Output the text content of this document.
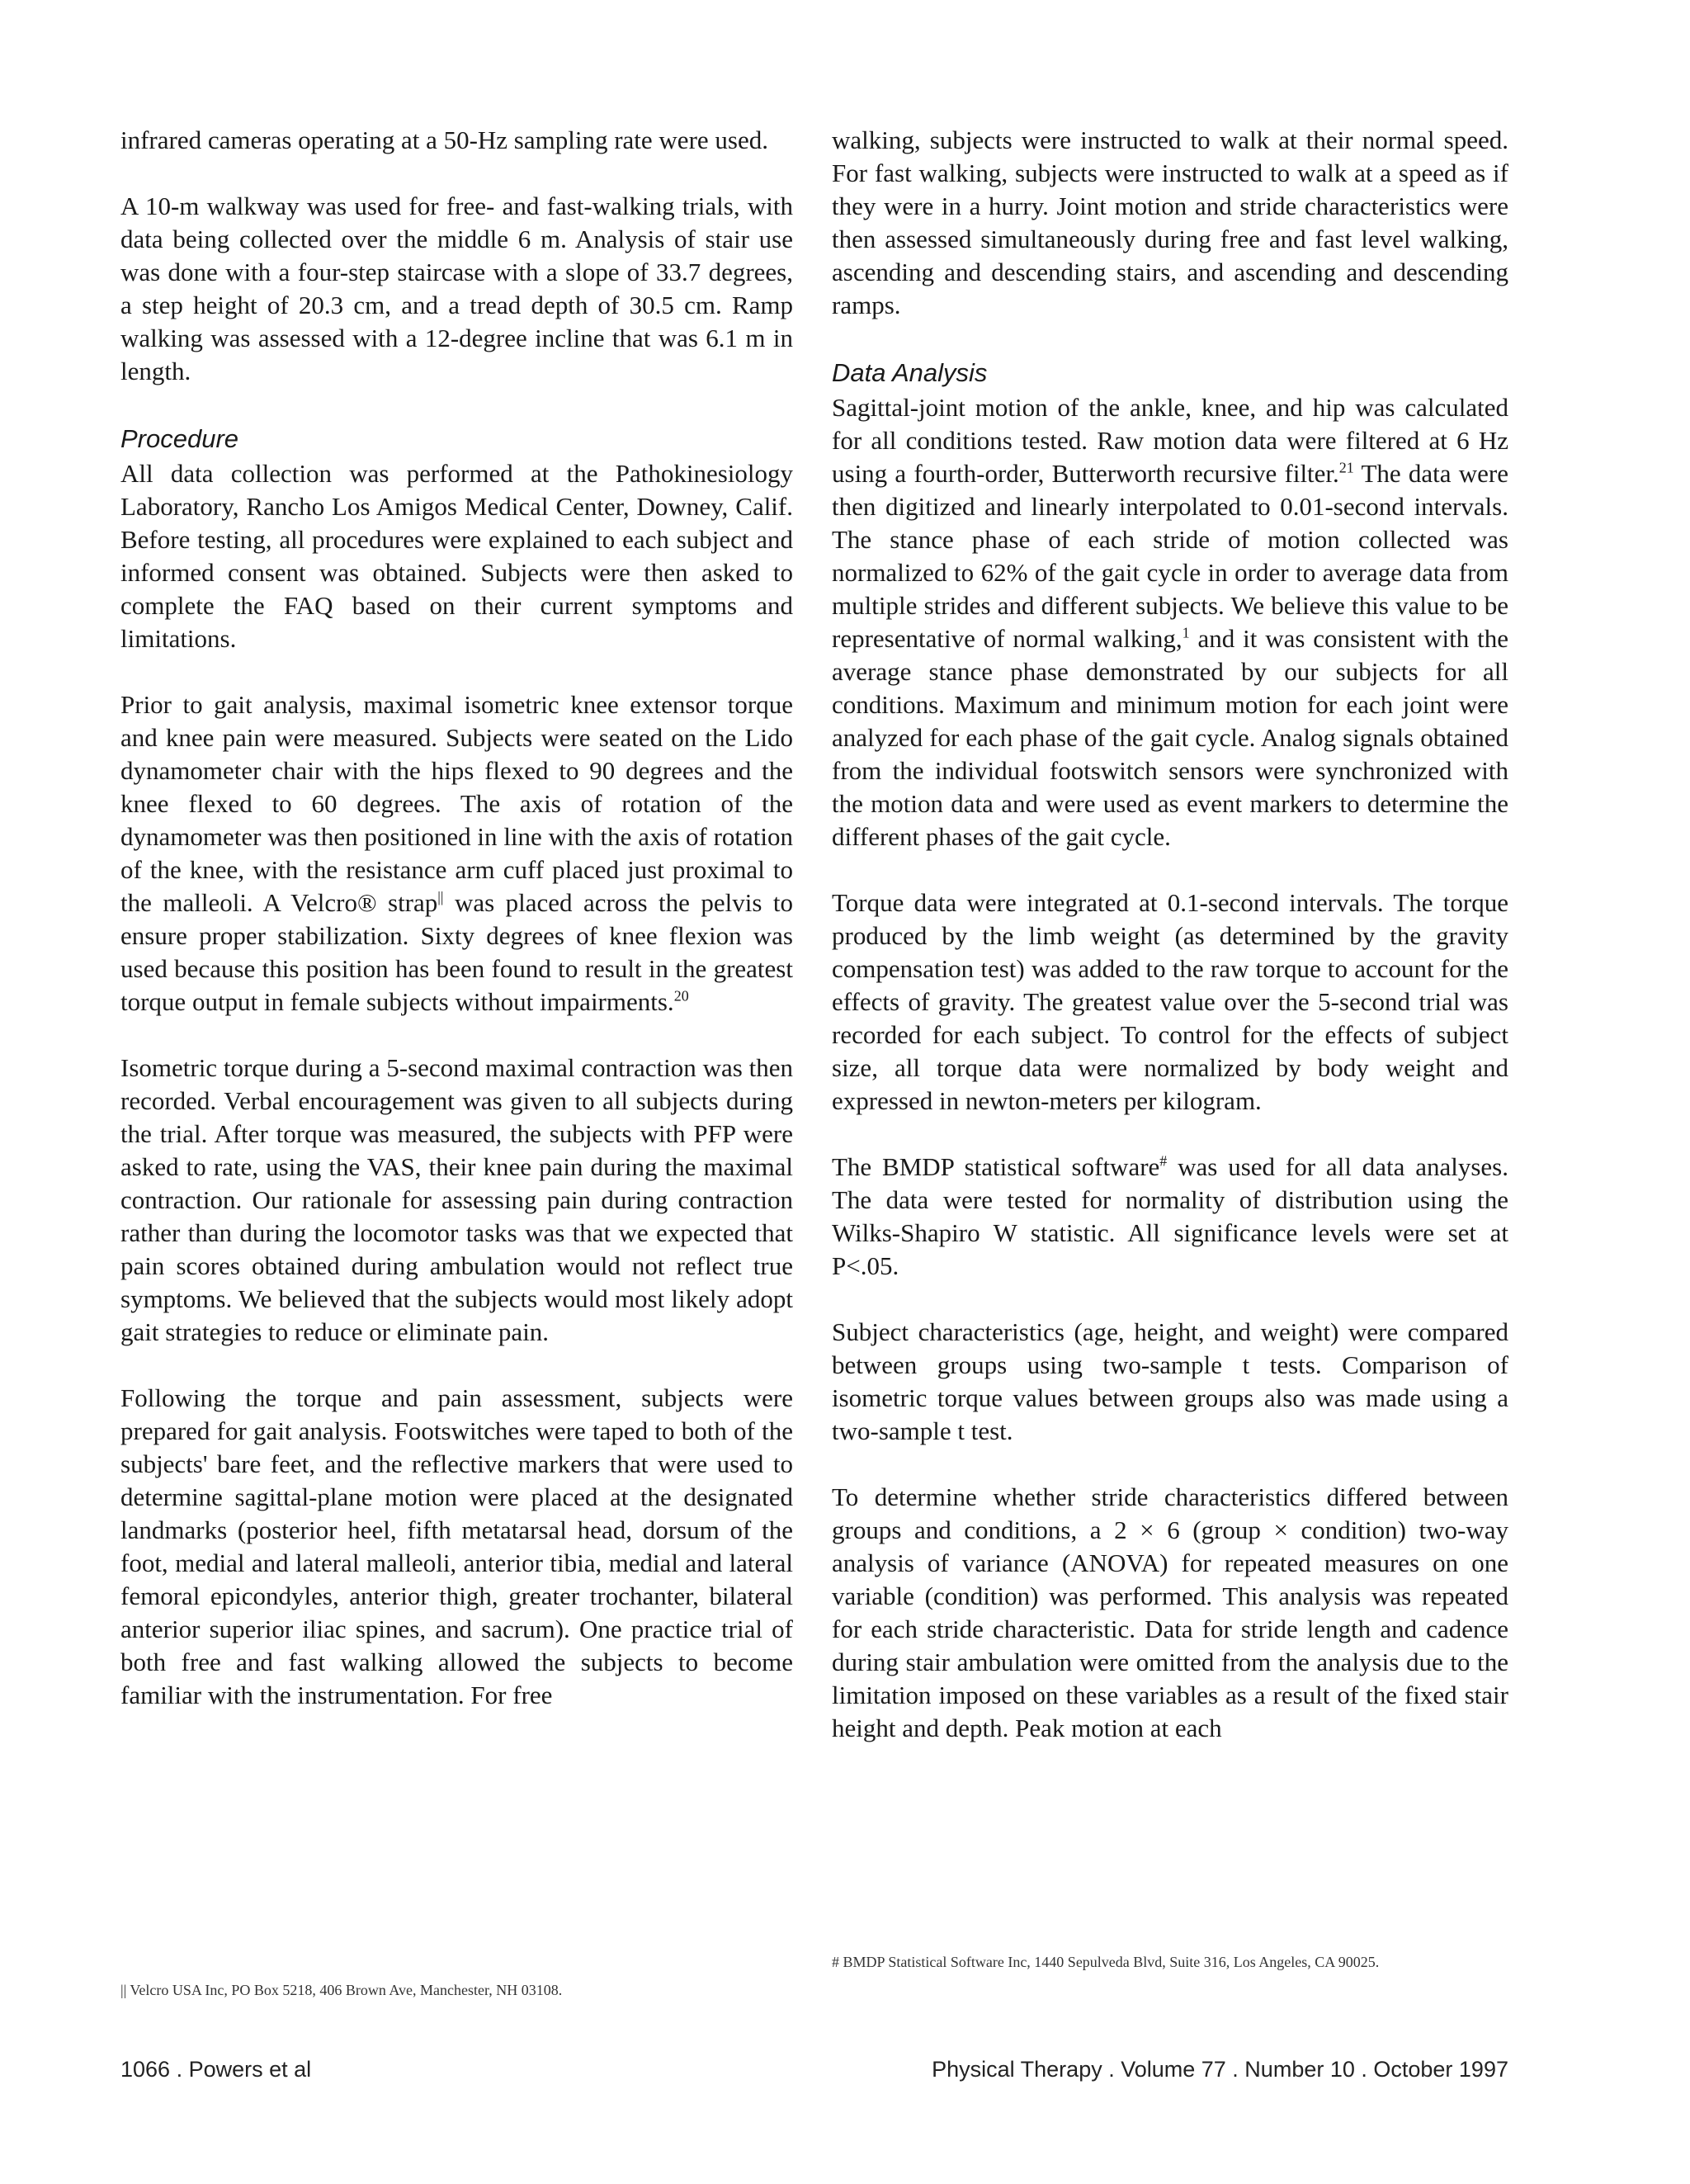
infrared cameras operating at a 50-Hz sampling rate were used.

A 10-m walkway was used for free- and fast-walking trials, with data being collected over the middle 6 m. Analysis of stair use was done with a four-step staircase with a slope of 33.7 degrees, a step height of 20.3 cm, and a tread depth of 30.5 cm. Ramp walking was assessed with a 12-degree incline that was 6.1 m in length.

Procedure

All data collection was performed at the Pathokinesiology Laboratory, Rancho Los Amigos Medical Center, Downey, Calif. Before testing, all procedures were explained to each subject and informed consent was obtained. Subjects were then asked to complete the FAQ based on their current symptoms and limitations.

Prior to gait analysis, maximal isometric knee extensor torque and knee pain were measured. Subjects were seated on the Lido dynamometer chair with the hips flexed to 90 degrees and the knee flexed to 60 degrees. The axis of rotation of the dynamometer was then positioned in line with the axis of rotation of the knee, with the resistance arm cuff placed just proximal to the malleoli. A Velcro® strap|| was placed across the pelvis to ensure proper stabilization. Sixty degrees of knee flexion was used because this position has been found to result in the greatest torque output in female subjects without impairments.$^{20}$

Isometric torque during a 5-second maximal contraction was then recorded. Verbal encouragement was given to all subjects during the trial. After torque was measured, the subjects with PFP were asked to rate, using the VAS, their knee pain during the maximal contraction. Our rationale for assessing pain during contraction rather than during the locomotor tasks was that we expected that pain scores obtained during ambulation would not reflect true symptoms. We believed that the subjects would most likely adopt gait strategies to reduce or eliminate pain.

Following the torque and pain assessment, subjects were prepared for gait analysis. Footswitches were taped to both of the subjects' bare feet, and the reflective markers that were used to determine sagittal-plane motion were placed at the designated landmarks (posterior heel, fifth metatarsal head, dorsum of the foot, medial and lateral malleoli, anterior tibia, medial and lateral femoral epicondyles, anterior thigh, greater trochanter, bilateral anterior superior iliac spines, and sacrum). One practice trial of both free and fast walking allowed the subjects to become familiar with the instrumentation. For free

walking, subjects were instructed to walk at their normal speed. For fast walking, subjects were instructed to walk at a speed as if they were in a hurry. Joint motion and stride characteristics were then assessed simultaneously during free and fast level walking, ascending and descending stairs, and ascending and descending ramps.

Data Analysis

Sagittal-joint motion of the ankle, knee, and hip was calculated for all conditions tested. Raw motion data were filtered at 6 Hz using a fourth-order, Butterworth recursive filter.$^{21}$ The data were then digitized and linearly interpolated to 0.01-second intervals. The stance phase of each stride of motion collected was normalized to 62% of the gait cycle in order to average data from multiple strides and different subjects. We believe this value to be representative of normal walking,$^1$ and it was consistent with the average stance phase demonstrated by our subjects for all conditions. Maximum and minimum motion for each joint were analyzed for each phase of the gait cycle. Analog signals obtained from the individual footswitch sensors were synchronized with the motion data and were used as event markers to determine the different phases of the gait cycle.

Torque data were integrated at 0.1-second intervals. The torque produced by the limb weight (as determined by the gravity compensation test) was added to the raw torque to account for the effects of gravity. The greatest value over the 5-second trial was recorded for each subject. To control for the effects of subject size, all torque data were normalized by body weight and expressed in newton-meters per kilogram.

The BMDP statistical software# was used for all data analyses. The data were tested for normality of distribution using the Wilks-Shapiro W statistic. All significance levels were set at P<.05.

Subject characteristics (age, height, and weight) were compared between groups using two-sample t tests. Comparison of isometric torque values between groups also was made using a two-sample t test.

To determine whether stride characteristics differed between groups and conditions, a 2 × 6 (group × condition) two-way analysis of variance (ANOVA) for repeated measures on one variable (condition) was performed. This analysis was repeated for each stride characteristic. Data for stride length and cadence during stair ambulation were omitted from the analysis due to the limitation imposed on these variables as a result of the fixed stair height and depth. Peak motion at each

|| Velcro USA Inc, PO Box 5218, 406 Brown Ave, Manchester, NH 03108.
# BMDP Statistical Software Inc, 1440 Sepulveda Blvd, Suite 316, Los Angeles, CA 90025.
1066 . Powers et al	Physical Therapy . Volume 77 . Number 10 . October 1997
